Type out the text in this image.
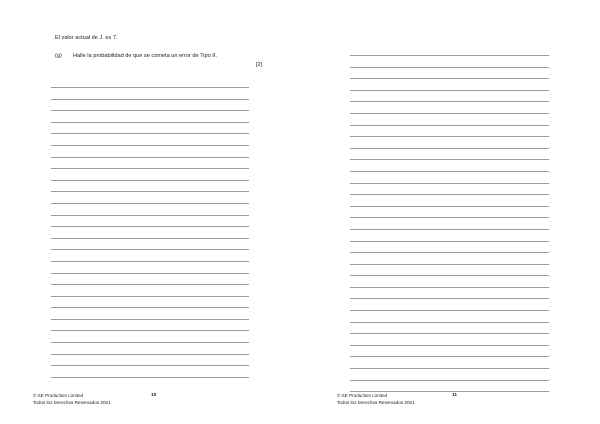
El valor actual de J. es 7.
(g) Halle la probabilidad de que se cometa un error de Tipo II.
[2]
© SE Production Limited
Todos los Derechos Reservados 2021
10	© SE Production Limited
Todos los Derechos Reservados 2021
11
